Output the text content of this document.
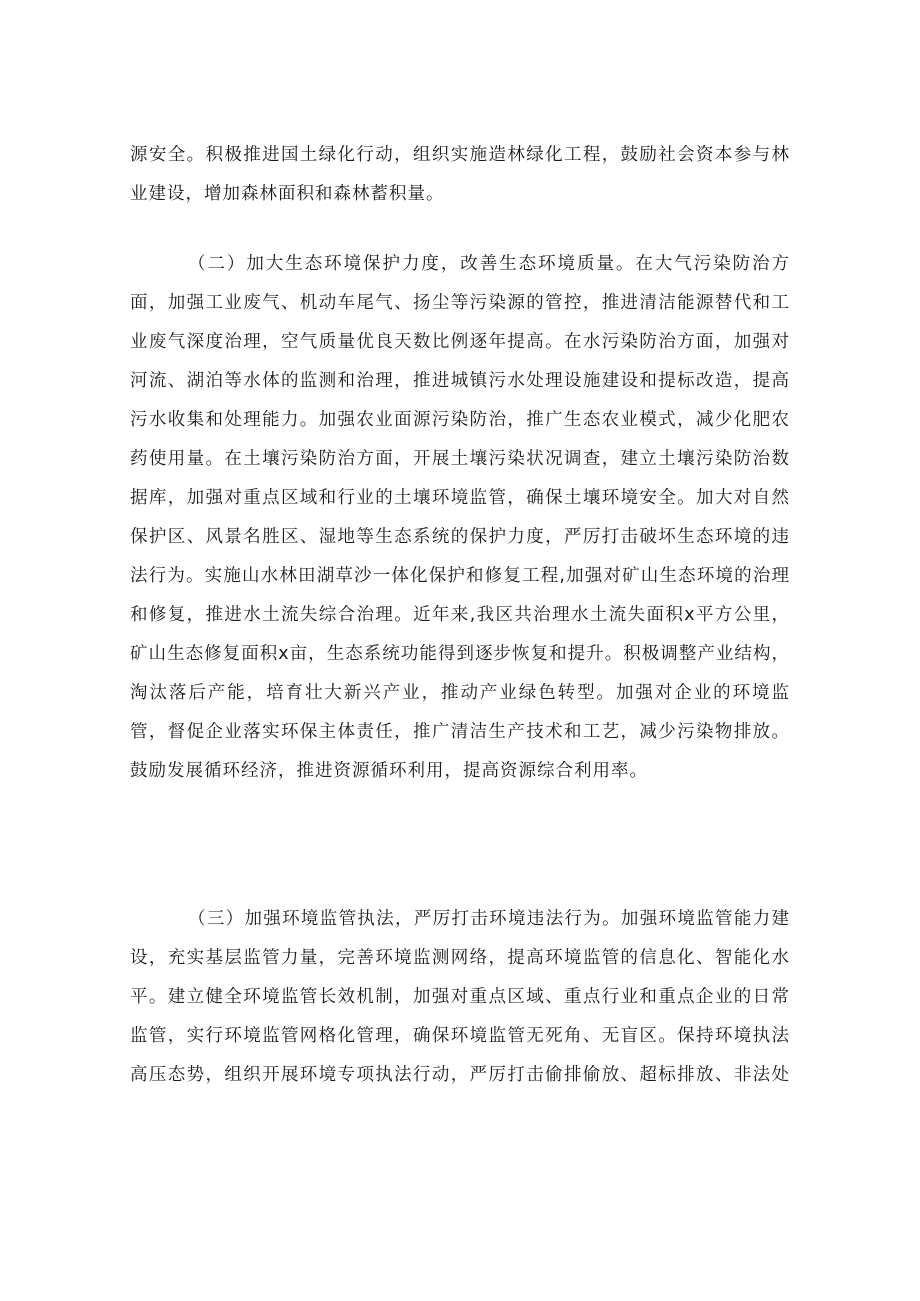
源安全。积极推进国土绿化行动，组织实施造林绿化工程，鼓励社会资本参与林
业建设，增加森林面积和森林蓄积量。
（二）加大生态环境保护力度，改善生态环境质量。在大气污染防治方
面，加强工业废气、机动车尾气、扬尘等污染源的管控，推进清洁能源替代和工
业废气深度治理，空气质量优良天数比例逐年提高。在水污染防治方面，加强对
河流、湖泊等水体的监测和治理，推进城镇污水处理设施建设和提标改造，提高
污水收集和处理能力。加强农业面源污染防治，推广生态农业模式，减少化肥农
药使用量。在土壤污染防治方面，开展土壤污染状况调查，建立土壤污染防治数
据库，加强对重点区域和行业的土壤环境监管，确保土壤环境安全。加大对自然
保护区、风景名胜区、湿地等生态系统的保护力度，严厉打击破坏生态环境的违
法行为。实施山水林田湖草沙一体化保护和修复工程,加强对矿山生态环境的治理
和修复，推进水土流失综合治理。近年来,我区共治理水土流失面积x平方公里，
矿山生态修复面积x亩，生态系统功能得到逐步恢复和提升。积极调整产业结构，
淘汰落后产能，培育壮大新兴产业，推动产业绿色转型。加强对企业的环境监
管，督促企业落实环保主体责任，推广清洁生产技术和工艺，减少污染物排放。
鼓励发展循环经济，推进资源循环利用，提高资源综合利用率。
（三）加强环境监管执法，严厉打击环境违法行为。加强环境监管能力建
设，充实基层监管力量，完善环境监测网络，提高环境监管的信息化、智能化水
平。建立健全环境监管长效机制，加强对重点区域、重点行业和重点企业的日常
监管，实行环境监管网格化管理，确保环境监管无死角、无盲区。保持环境执法
高压态势，组织开展环境专项执法行动，严厉打击偷排偷放、超标排放、非法处
